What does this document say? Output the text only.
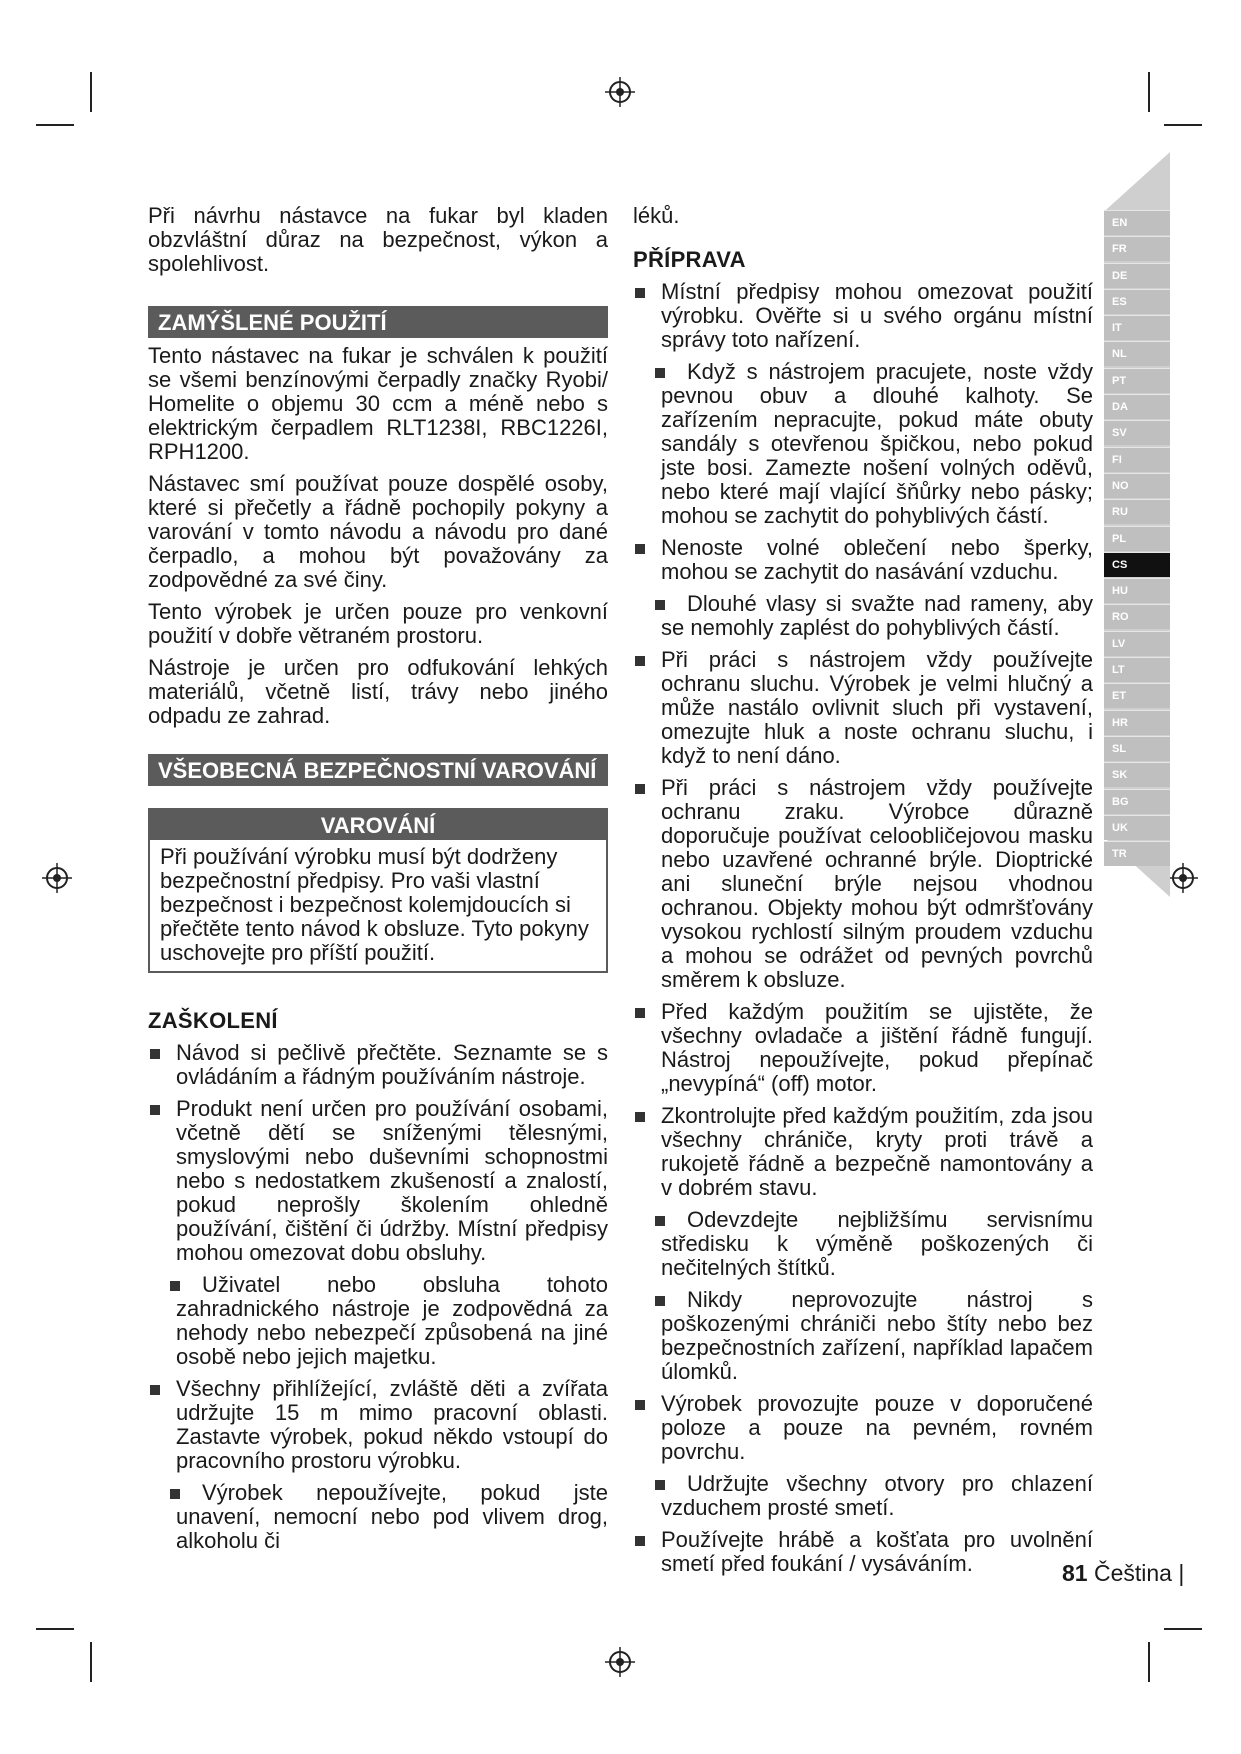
EN
FR
DE
ES
IT
NL
PT
DA
SV
FI
NO
RU
PL
CS
HU
RO
LV
LT
ET
HR
SL
SK
BG
UK
TR

Při návrhu nástavce na fukar byl kladen obzvláštní důraz na bezpečnost, výkon a spolehlivost.

ZAMÝŠLENÉ POUŽITÍ

Tento nástavec na fukar je schválen k použití se všemi benzínovými čerpadly značky Ryobi/ Homelite o objemu 30 ccm a méně nebo s elektrickým čerpadlem RLT1238I, RBC1226I, RPH1200.

Nástavec smí používat pouze dospělé osoby, které si přečetly a řádně pochopily pokyny a varování v tomto návodu a návodu pro dané čerpadlo, a mohou být považovány za zodpovědné za své činy.

Tento výrobek je určen pouze pro venkovní použití v dobře větraném prostoru.

Nástroje je určen pro odfukování lehkých materiálů, včetně listí, trávy nebo jiného odpadu ze zahrad.

VŠEOBECNÁ BEZPEČNOSTNÍ VAROVÁNÍ
VAROVÁNÍ
Při používání výrobku musí být dodrženy bezpečnostní předpisy. Pro vaši vlastní bezpečnost i bezpečnost kolemjdoucích si přečtěte tento návod k obsluze. Tyto pokyny uschovejte pro příští použití.
ZAŠKOLENÍ
Návod si pečlivě přečtěte. Seznamte se s ovládáním a řádným používáním nástroje.
Produkt není určen pro používání osobami, včetně dětí se sníženými tělesnými, smyslovými nebo duševními schopnostmi nebo s nedostatkem zkušeností a znalostí, pokud neprošly školením ohledně používání, čištění či údržby. Místní předpisy mohou omezovat dobu obsluhy.
Uživatel nebo obsluha tohoto zahradnického nástroje je zodpovědná za nehody nebo nebezpečí způsobená na jiné osobě nebo jejich majetku.
Všechny přihlížející, zvláště děti a zvířata udržujte 15 m mimo pracovní oblasti. Zastavte výrobek, pokud někdo vstoupí do pracovního prostoru výrobku.
Výrobek nepoužívejte, pokud jste unavení, nemocní nebo pod vlivem drog, alkoholu či

léků.

PŘÍPRAVA
Místní předpisy mohou omezovat použití výrobku. Ověřte si u svého orgánu místní správy toto nařízení.
Když s nástrojem pracujete, noste vždy pevnou obuv a dlouhé kalhoty. Se zařízením nepracujte, pokud máte obuty sandály s otevřenou špičkou, nebo pokud jste bosi. Zamezte nošení volných oděvů, nebo které mají vlající šňůrky nebo pásky; mohou se zachytit do pohyblivých částí.
Nenoste volné oblečení nebo šperky, mohou se zachytit do nasávání vzduchu.
Dlouhé vlasy si svažte nad rameny, aby se nemohly zaplést do pohyblivých částí.
Při práci s nástrojem vždy používejte ochranu sluchu. Výrobek je velmi hlučný a může nastálo ovlivnit sluch při vystavení, omezujte hluk a noste ochranu sluchu, i když to není dáno.
Při práci s nástrojem vždy používejte ochranu zraku. Výrobce důrazně doporučuje používat celoobličejovou masku nebo uzavřené ochranné brýle. Dioptrické ani sluneční brýle nejsou vhodnou ochranou. Objekty mohou být odmršťovány vysokou rychlostí silným proudem vzduchu a mohou se odrážet od pevných povrchů směrem k obsluze.
Před každým použitím se ujistěte, že všechny ovladače a jištění řádně fungují. Nástroj nepoužívejte, pokud přepínač „nevypíná“ (off) motor.
Zkontrolujte před každým použitím, zda jsou všechny chrániče, kryty proti trávě a rukojetě řádně a bezpečně namontovány a v dobrém stavu.
Odevzdejte nejbližšímu servisnímu středisku k výměně poškozených či nečitelných štítků.
Nikdy neprovozujte nástroj s poškozenými chrániči nebo štíty nebo bez bezpečnostních zařízení, například lapačem úlomků.
Výrobek provozujte pouze v doporučené poloze a pouze na pevném, rovném povrchu.
Udržujte všechny otvory pro chlazení vzduchem prosté smetí.
Používejte hrábě a košťata pro uvolnění smetí před foukání / vysáváním.	81 Čeština |
